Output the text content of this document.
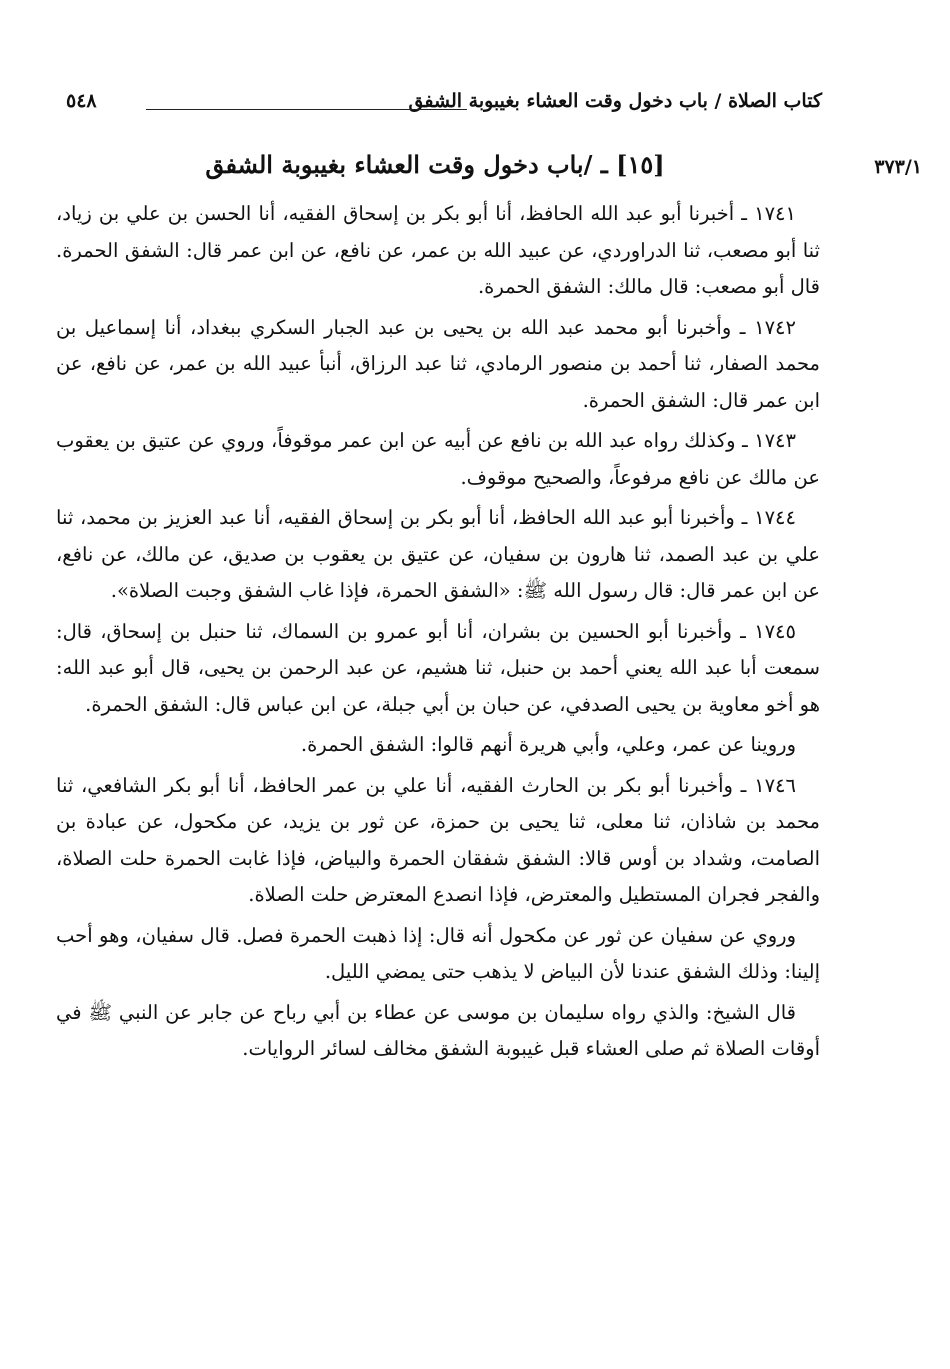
كتاب الصلاة / باب دخول وقت العشاء بغيبوبة الشفق
٥٤٨
٣٧٣/١
[١٥] ـ /باب دخول وقت العشاء بغيبوبة الشفق

١٧٤١ ـ أخبرنا أبو عبد الله الحافظ، أنا أبو بكر بن إسحاق الفقيه، أنا الحسن بن علي بن زياد، ثنا أبو مصعب، ثنا الدراوردي، عن عبيد الله بن عمر، عن نافع، عن ابن عمر قال: الشفق الحمرة. قال أبو مصعب: قال مالك: الشفق الحمرة.

١٧٤٢ ـ وأخبرنا أبو محمد عبد الله بن يحيى بن عبد الجبار السكري ببغداد، أنا إسماعيل بن محمد الصفار، ثنا أحمد بن منصور الرمادي، ثنا عبد الرزاق، أنبأ عبيد الله بن عمر، عن نافع، عن ابن عمر قال: الشفق الحمرة.

١٧٤٣ ـ وكذلك رواه عبد الله بن نافع عن أبيه عن ابن عمر موقوفاً، وروي عن عتيق بن يعقوب عن مالك عن نافع مرفوعاً، والصحيح موقوف.

١٧٤٤ ـ وأخبرنا أبو عبد الله الحافظ، أنا أبو بكر بن إسحاق الفقيه، أنا عبد العزيز بن محمد، ثنا علي بن عبد الصمد، ثنا هارون بن سفيان، عن عتيق بن يعقوب بن صديق، عن مالك، عن نافع، عن ابن عمر قال: قال رسول الله ﷺ: «الشفق الحمرة، فإذا غاب الشفق وجبت الصلاة».

١٧٤٥ ـ وأخبرنا أبو الحسين بن بشران، أنا أبو عمرو بن السماك، ثنا حنبل بن إسحاق، قال: سمعت أبا عبد الله يعني أحمد بن حنبل، ثنا هشيم، عن عبد الرحمن بن يحيى، قال أبو عبد الله: هو أخو معاوية بن يحيى الصدفي، عن حبان بن أبي جبلة، عن ابن عباس قال: الشفق الحمرة.

وروينا عن عمر، وعلي، وأبي هريرة أنهم قالوا: الشفق الحمرة.

١٧٤٦ ـ وأخبرنا أبو بكر بن الحارث الفقيه، أنا علي بن عمر الحافظ، أنا أبو بكر الشافعي، ثنا محمد بن شاذان، ثنا معلى، ثنا يحيى بن حمزة، عن ثور بن يزيد، عن مكحول، عن عبادة بن الصامت، وشداد بن أوس قالا: الشفق شفقان الحمرة والبياض، فإذا غابت الحمرة حلت الصلاة، والفجر فجران المستطيل والمعترض، فإذا انصدع المعترض حلت الصلاة.

وروي عن سفيان عن ثور عن مكحول أنه قال: إذا ذهبت الحمرة فصل. قال سفيان، وهو أحب إلينا: وذلك الشفق عندنا لأن البياض لا يذهب حتى يمضي الليل.

قال الشيخ: والذي رواه سليمان بن موسى عن عطاء بن أبي رباح عن جابر عن النبي ﷺ في أوقات الصلاة ثم صلى العشاء قبل غيبوبة الشفق مخالف لسائر الروايات.
